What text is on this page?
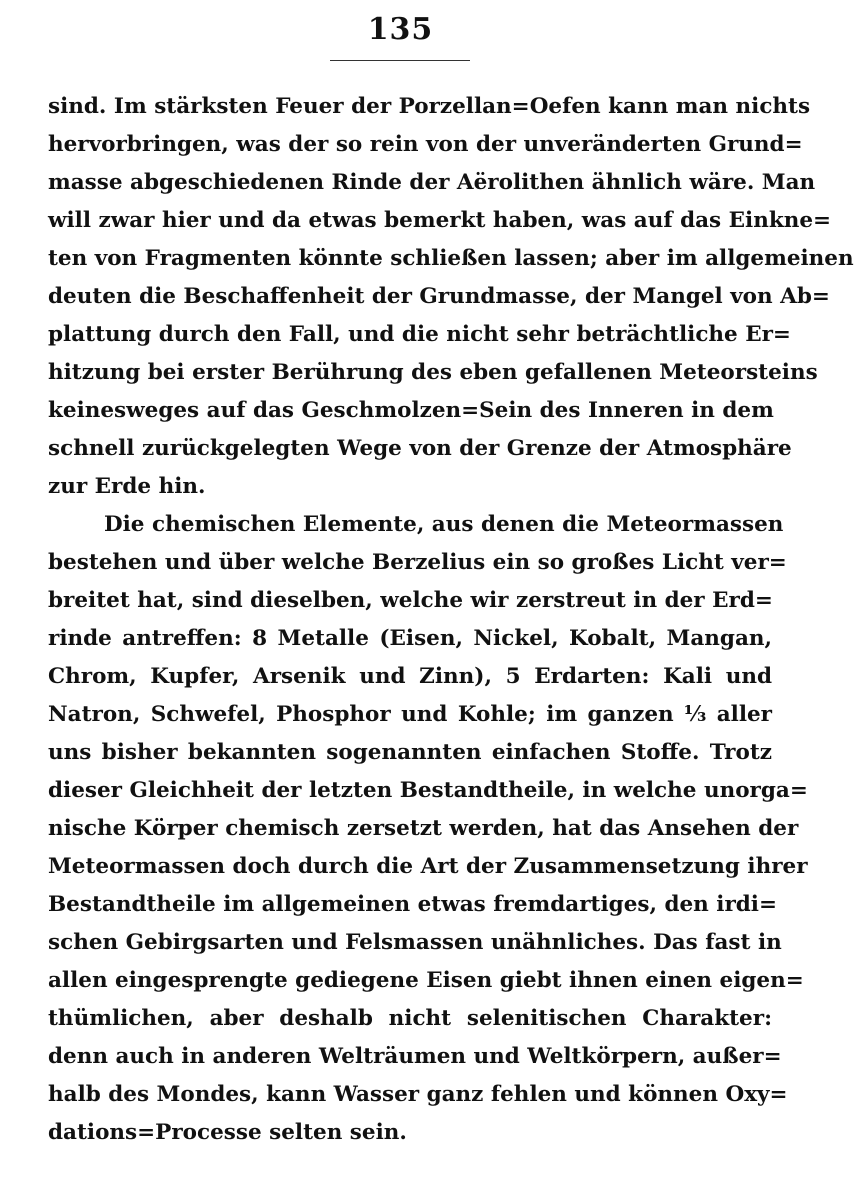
135
sind. Im stärksten Feuer der Porzellan=Oefen kann man nichts
hervorbringen, was der so rein von der unveränderten Grund=
masse abgeschiedenen Rinde der Aërolithen ähnlich wäre. Man
will zwar hier und da etwas bemerkt haben, was auf das Einkne=
ten von Fragmenten könnte schließen lassen; aber im allgemeinen
deuten die Beschaffenheit der Grundmasse, der Mangel von Ab=
plattung durch den Fall, und die nicht sehr beträchtliche Er=
hitzung bei erster Berührung des eben gefallenen Meteorsteins
keinesweges auf das Geschmolzen=Sein des Inneren in dem
schnell zurückgelegten Wege von der Grenze der Atmosphäre
zur Erde hin.
Die chemischen Elemente, aus denen die Meteormassen
bestehen und über welche Berzelius ein so großes Licht ver=
breitet hat, sind dieselben, welche wir zerstreut in der Erd=
rinde antreffen: 8 Metalle (Eisen, Nickel, Kobalt, Mangan,
Chrom, Kupfer, Arsenik und Zinn), 5 Erdarten: Kali und
Natron, Schwefel, Phosphor und Kohle; im ganzen ⅓ aller
uns bisher bekannten sogenannten einfachen Stoffe. Trotz
dieser Gleichheit der letzten Bestandtheile, in welche unorga=
nische Körper chemisch zersetzt werden, hat das Ansehen der
Meteormassen doch durch die Art der Zusammensetzung ihrer
Bestandtheile im allgemeinen etwas fremdartiges, den irdi=
schen Gebirgsarten und Felsmassen unähnliches. Das fast in
allen eingesprengte gediegene Eisen giebt ihnen einen eigen=
thümlichen, aber deshalb nicht selenitischen Charakter:
denn auch in anderen Welträumen und Weltkörpern, außer=
halb des Mondes, kann Wasser ganz fehlen und können Oxy=
dations=Processe selten sein.
